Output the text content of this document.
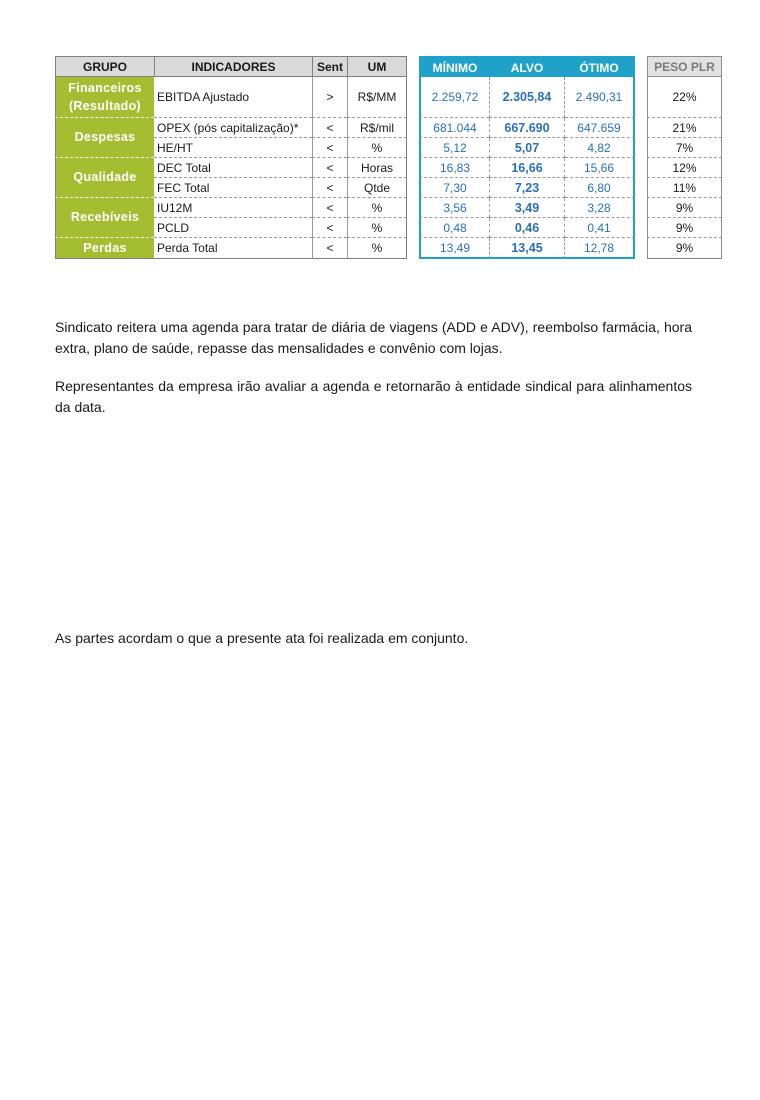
GRUPO	INDICADORES	Sent	UM		MÍNIMO	ALVO	ÓTIMO		PESO PLR
Financeiros (Resultado)	EBITDA Ajustado	>	R$/MM		2.259,72	2.305,84	2.490,31		22%
Despesas	OPEX (pós capitalização)*	<	R$/mil		681.044	667.690	647.659		21%
	HE/HT	<	%		5,12	5,07	4,82		7%
Qualidade	DEC Total	<	Horas		16,83	16,66	15,66		12%
	FEC Total	<	Qtde		7,30	7,23	6,80		11%
Recebíveis	IU12M	<	%		3,56	3,49	3,28		9%
	PCLD	<	%		0,48	0,46	0,41		9%
Perdas	Perda Total	<	%		13,49	13,45	12,78		9%

Sindicato reitera uma agenda para tratar de diária de viagens (ADD e ADV), reembolso farmácia, hora extra, plano de saúde, repasse das mensalidades e convênio com lojas.

Representantes da empresa irão avaliar a agenda e retornarão à entidade sindical para alinhamentos da data.

As partes acordam o que a presente ata foi realizada em conjunto.
